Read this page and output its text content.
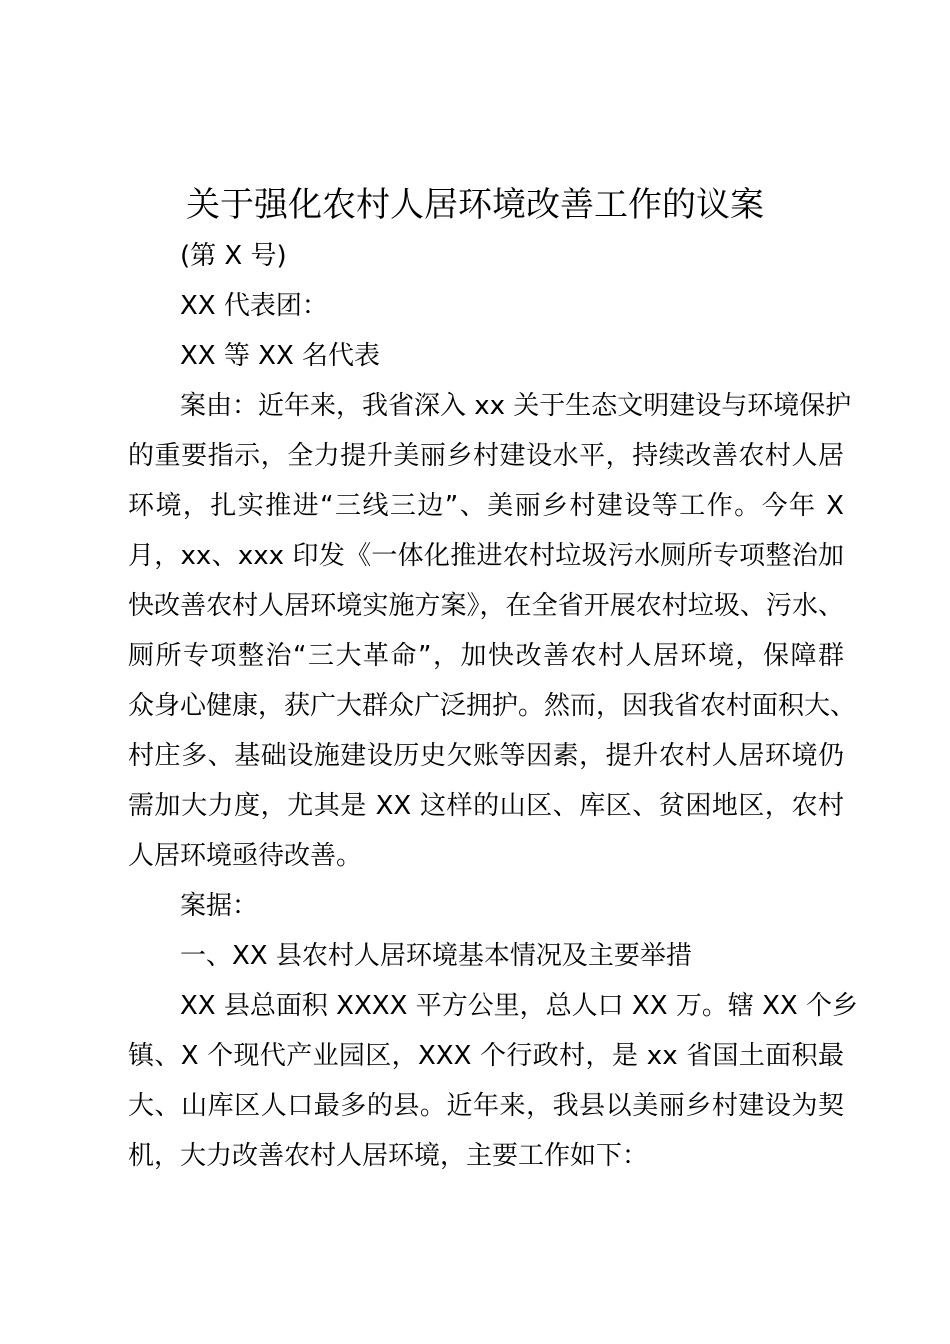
关于强化农村人居环境改善工作的议案
(第 X 号)
XX 代表团：
XX 等 XX 名代表
案由：近年来，我省深入 xx 关于生态文明建设与环境保护
的重要指示，全力提升美丽乡村建设水平，持续改善农村人居
环境，扎实推进“三线三边”、美丽乡村建设等工作。今年 X
月，xx、xxx 印发《一体化推进农村垃圾污水厕所专项整治加
快改善农村人居环境实施方案》，在全省开展农村垃圾、污水、
厕所专项整治“三大革命”，加快改善农村人居环境，保障群
众身心健康，获广大群众广泛拥护。然而，因我省农村面积大、
村庄多、基础设施建设历史欠账等因素，提升农村人居环境仍
需加大力度，尤其是 XX 这样的山区、库区、贫困地区，农村
人居环境亟待改善。
案据：
一、XX 县农村人居环境基本情况及主要举措
XX 县总面积 XXXX 平方公里，总人口 XX 万。辖 XX 个乡
镇、X 个现代产业园区，XXX 个行政村，是 xx 省国土面积最
大、山库区人口最多的县。近年来，我县以美丽乡村建设为契
机，大力改善农村人居环境，主要工作如下：
